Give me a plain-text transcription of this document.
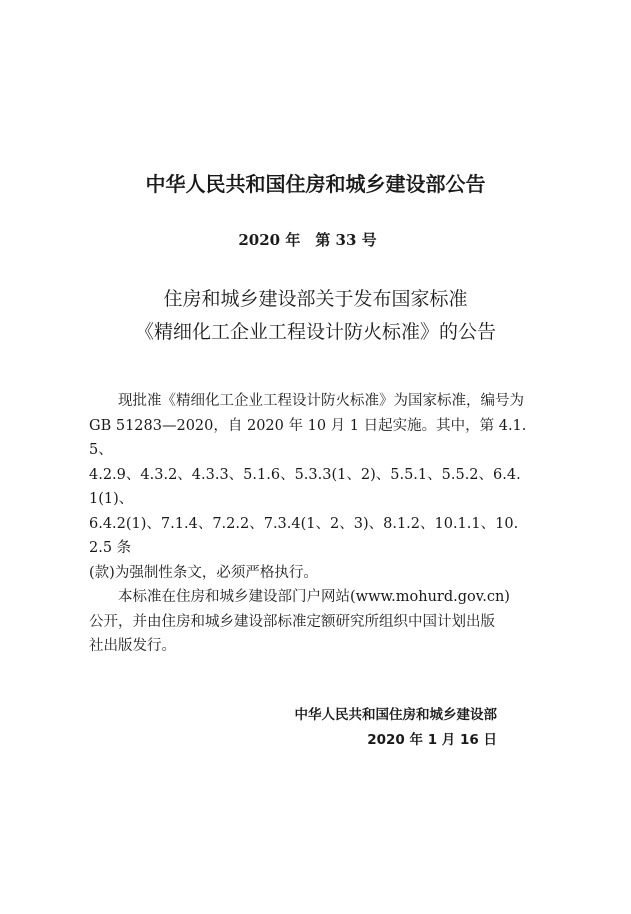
中华人民共和国住房和城乡建设部公告
2020 年　第 33 号
住房和城乡建设部关于发布国家标准
《精细化工企业工程设计防火标准》的公告
现批准《精细化工企业工程设计防火标准》为国家标准，编号为
GB 51283—2020，自 2020 年 10 月 1 日起实施。其中，第 4.1.5、
4.2.9、4.3.2、4.3.3、5.1.6、5.3.3(1、2)、5.5.1、5.5.2、6.4.1(1)、
6.4.2(1)、7.1.4、7.2.2、7.3.4(1、2、3)、8.1.2、10.1.1、10.2.5 条
(款)为强制性条文，必须严格执行。
本标准在住房和城乡建设部门户网站(www.mohurd.gov.cn)
公开，并由住房和城乡建设部标准定额研究所组织中国计划出版
社出版发行。
中华人民共和国住房和城乡建设部
2020 年 1 月 16 日
